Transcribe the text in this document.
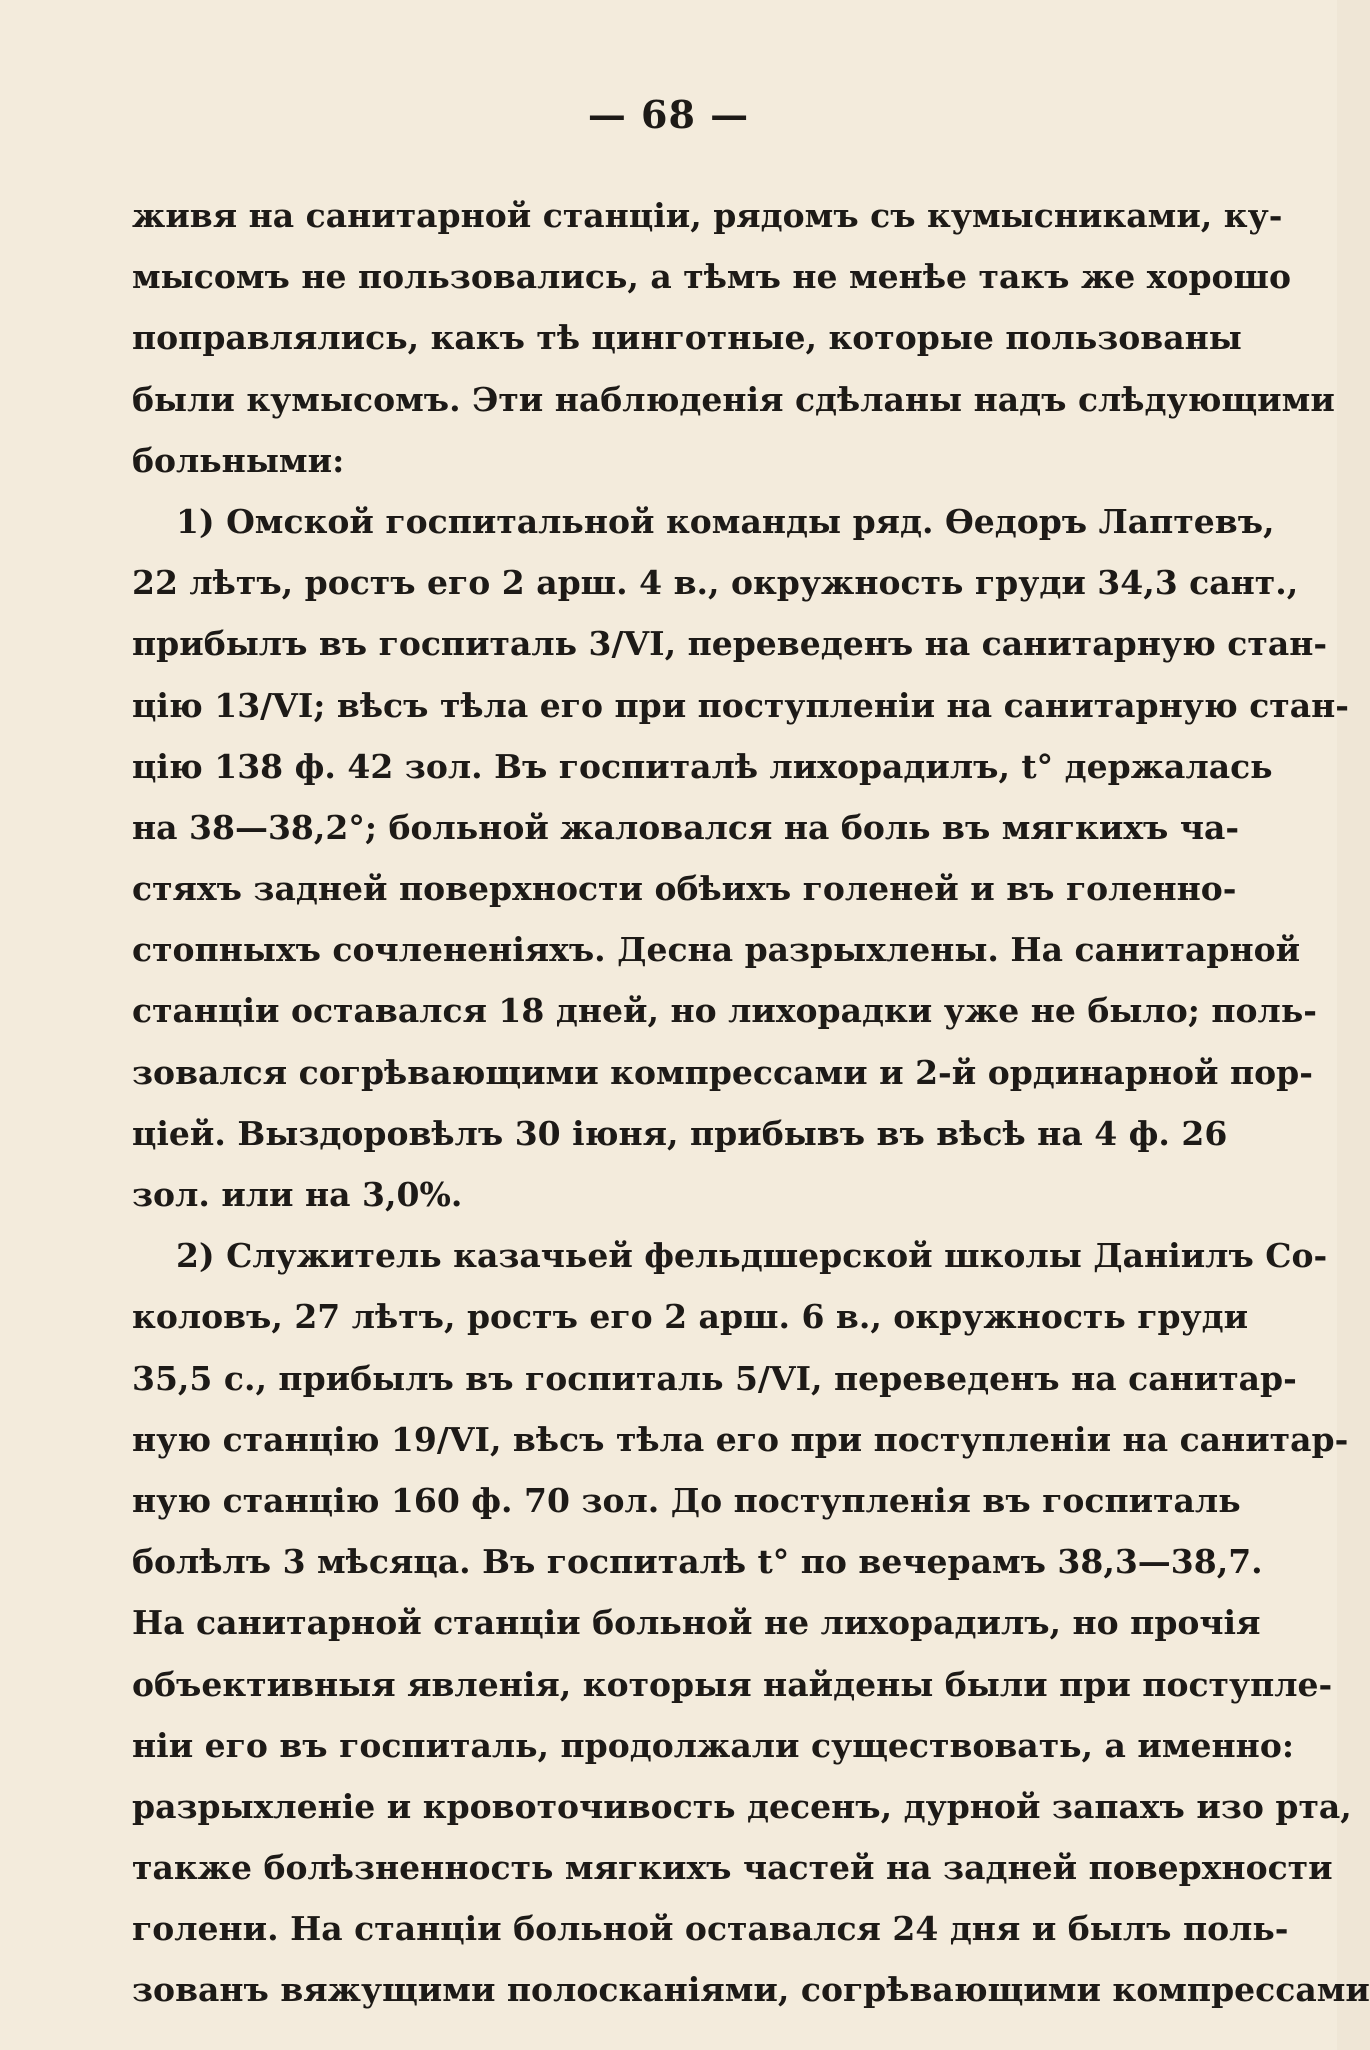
— 68 —
живя на санитарной станціи, рядомъ съ кумысниками, ку-
мысомъ не пользовались, а тѣмъ не менѣе такъ же хорошо
поправлялись, какъ тѣ цинготные, которые пользованы
были кумысомъ. Эти наблюденія сдѣланы надъ слѣдующими
больными:
1) Омской госпитальной команды ряд. Өедоръ Лаптевъ,
22 лѣтъ, ростъ его 2 арш. 4 в., окружность груди 34,3 сант.,
прибылъ въ госпиталь 3/VI, переведенъ на санитарную стан-
цію 13/VI; вѣсъ тѣла его при поступленіи на санитарную стан-
цію 138 ф. 42 зол. Въ госпиталѣ лихорадилъ, t° держалась
на 38—38,2°; больной жаловался на боль въ мягкихъ ча-
стяхъ задней поверхности обѣихъ голеней и въ голенно-
стопныхъ сочлененіяхъ. Десна разрыхлены. На санитарной
станціи оставался 18 дней, но лихорадки уже не было; поль-
зовался согрѣвающими компрессами и 2-й ординарной пор-
ціей. Выздоровѣлъ 30 іюня, прибывъ въ вѣсѣ на 4 ф. 26
зол. или на 3,0%.
2) Служитель казачьей фельдшерской школы Даніилъ Со-
коловъ, 27 лѣтъ, ростъ его 2 арш. 6 в., окружность груди
35,5 с., прибылъ въ госпиталь 5/VI, переведенъ на санитар-
ную станцію 19/VI, вѣсъ тѣла его при поступленіи на санитар-
ную станцію 160 ф. 70 зол. До поступленія въ госпиталь
болѣлъ 3 мѣсяца. Въ госпиталѣ t° по вечерамъ 38,3—38,7.
На санитарной станціи больной не лихорадилъ, но прочія
объективныя явленія, которыя найдены были при поступле-
ніи его въ госпиталь, продолжали существовать, а именно:
разрыхленіе и кровоточивость десенъ, дурной запахъ изо рта,
также болѣзненность мягкихъ частей на задней поверхности
голени. На станціи больной оставался 24 дня и былъ поль-
зованъ вяжущими полосканіями, согрѣвающими компрессами
